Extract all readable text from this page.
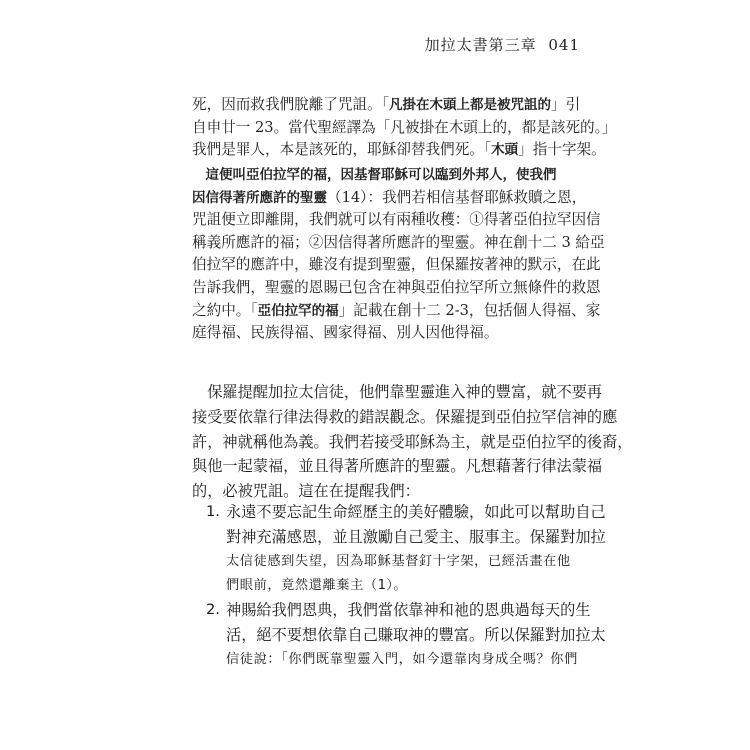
加拉太書第三章 041
死，因而救我們脫離了咒詛。「凡掛在木頭上都是被咒詛的」引
自申廿一 23。當代聖經譯為「凡被掛在木頭上的，都是該死的。」
我們是罪人，本是該死的，耶穌卻替我們死。「木頭」指十字架。
　這便叫亞伯拉罕的福，因基督耶穌可以臨到外邦人，使我們
因信得著所應許的聖靈（14）：我們若相信基督耶穌救贖之恩，
咒詛便立即離開，我們就可以有兩種收穫：①得著亞伯拉罕因信
稱義所應許的福；②因信得著所應許的聖靈。神在創十二 3 給亞
伯拉罕的應許中，雖沒有提到聖靈，但保羅按著神的默示，在此
告訴我們，聖靈的恩賜已包含在神與亞伯拉罕所立無條件的救恩
之約中。「亞伯拉罕的福」記載在創十二 2-3，包括個人得福、家
庭得福、民族得福、國家得福、別人因他得福。
　保羅提醒加拉太信徒，他們靠聖靈進入神的豐富，就不要再
接受要依靠行律法得救的錯誤觀念。保羅提到亞伯拉罕信神的應
許，神就稱他為義。我們若接受耶穌為主，就是亞伯拉罕的後裔，
與他一起蒙福，並且得著所應許的聖靈。凡想藉著行律法蒙福
的，必被咒詛。這在在提醒我們：
1. 永遠不要忘記生命經歷主的美好體驗，如此可以幫助自己
對神充滿感恩，並且激勵自己愛主、服事主。保羅對加拉
太信徒感到失望，因為耶穌基督釘十字架，已經活畫在他
們眼前，竟然還離棄主（1）。
2. 神賜給我們恩典，我們當依靠神和祂的恩典過每天的生
活，絕不要想依靠自己賺取神的豐富。所以保羅對加拉太
信徒說：「你們既靠聖靈入門，如今還靠肉身成全嗎？你們
